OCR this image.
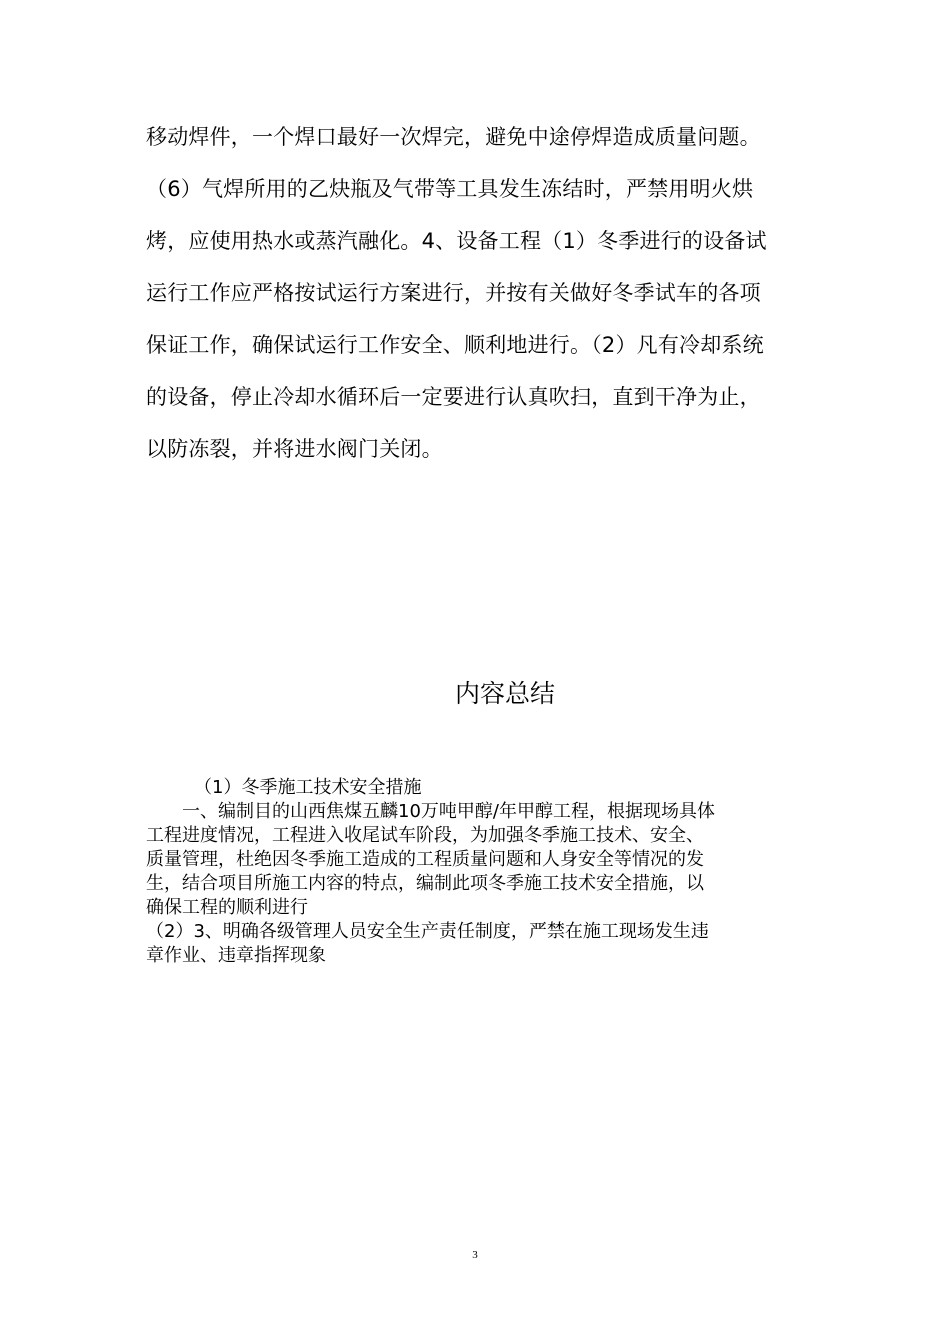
移动焊件，一个焊口最好一次焊完，避免中途停焊造成质量问题。
（6）气焊所用的乙炔瓶及气带等工具发生冻结时，严禁用明火烘
烤，应使用热水或蒸汽融化。4、设备工程（1）冬季进行的设备试
运行工作应严格按试运行方案进行，并按有关做好冬季试车的各项
保证工作，确保试运行工作安全、顺利地进行。（2）凡有冷却系统
的设备，停止冷却水循环后一定要进行认真吹扫，直到干净为止，
以防冻裂，并将进水阀门关闭。
内容总结
（1）冬季施工技术安全措施
一、编制目的山西焦煤五麟10万吨甲醇/年甲醇工程，根据现场具体
工程进度情况，工程进入收尾试车阶段，为加强冬季施工技术、安全、
质量管理，杜绝因冬季施工造成的工程质量问题和人身安全等情况的发
生，结合项目所施工内容的特点，编制此项冬季施工技术安全措施，以
确保工程的顺利进行
（2）3、明确各级管理人员安全生产责任制度，严禁在施工现场发生违
章作业、违章指挥现象
3
